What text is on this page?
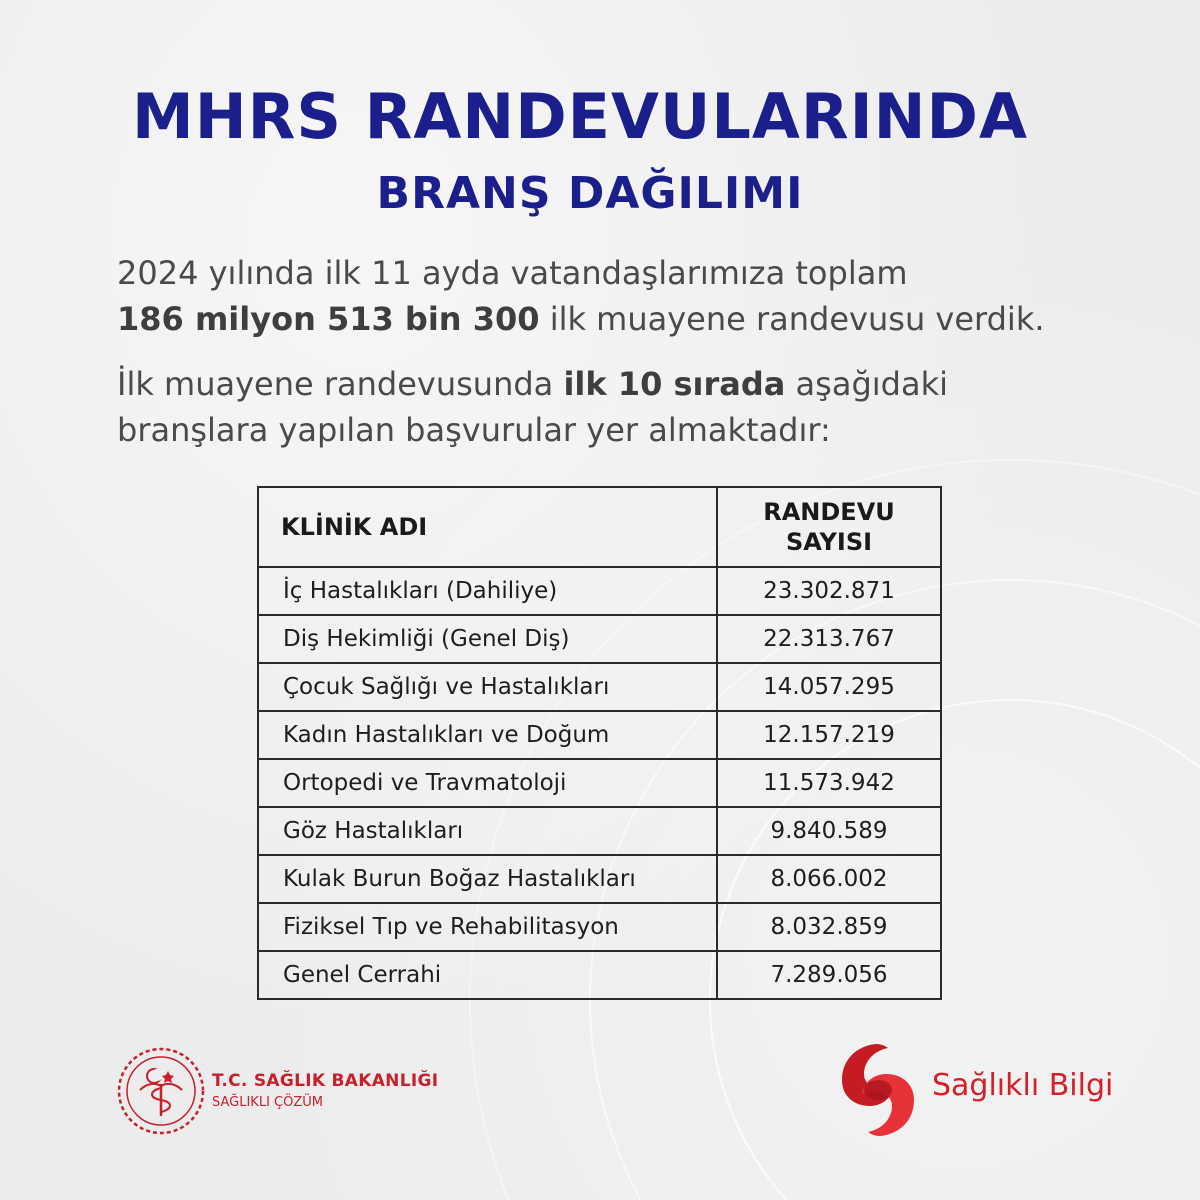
MHRS RANDEVULARINDA
BRANŞ DAĞILIMI
2024 yılında ilk 11 ayda vatandaşlarımıza toplam
186 milyon 513 bin 300 ilk muayene randevusu verdik.
İlk muayene randevusunda ilk 10 sırada aşağıdaki
branşlara yapılan başvurular yer almaktadır:
KLİNİK ADI	RANDEVU
SAYISI
İç Hastalıkları (Dahiliye)	23.302.871
Diş Hekimliği (Genel Diş)	22.313.767
Çocuk Sağlığı ve Hastalıkları	14.057.295
Kadın Hastalıkları ve Doğum	12.157.219
Ortopedi ve Travmatoloji	11.573.942
Göz Hastalıkları	9.840.589
Kulak Burun Boğaz Hastalıkları	8.066.002
Fiziksel Tıp ve Rehabilitasyon	8.032.859
Genel Cerrahi	7.289.056
T.C. SAĞLIK BAKANLIĞI
SAĞLIKLI ÇÖZÜM	Sağlıklı Bilgi
